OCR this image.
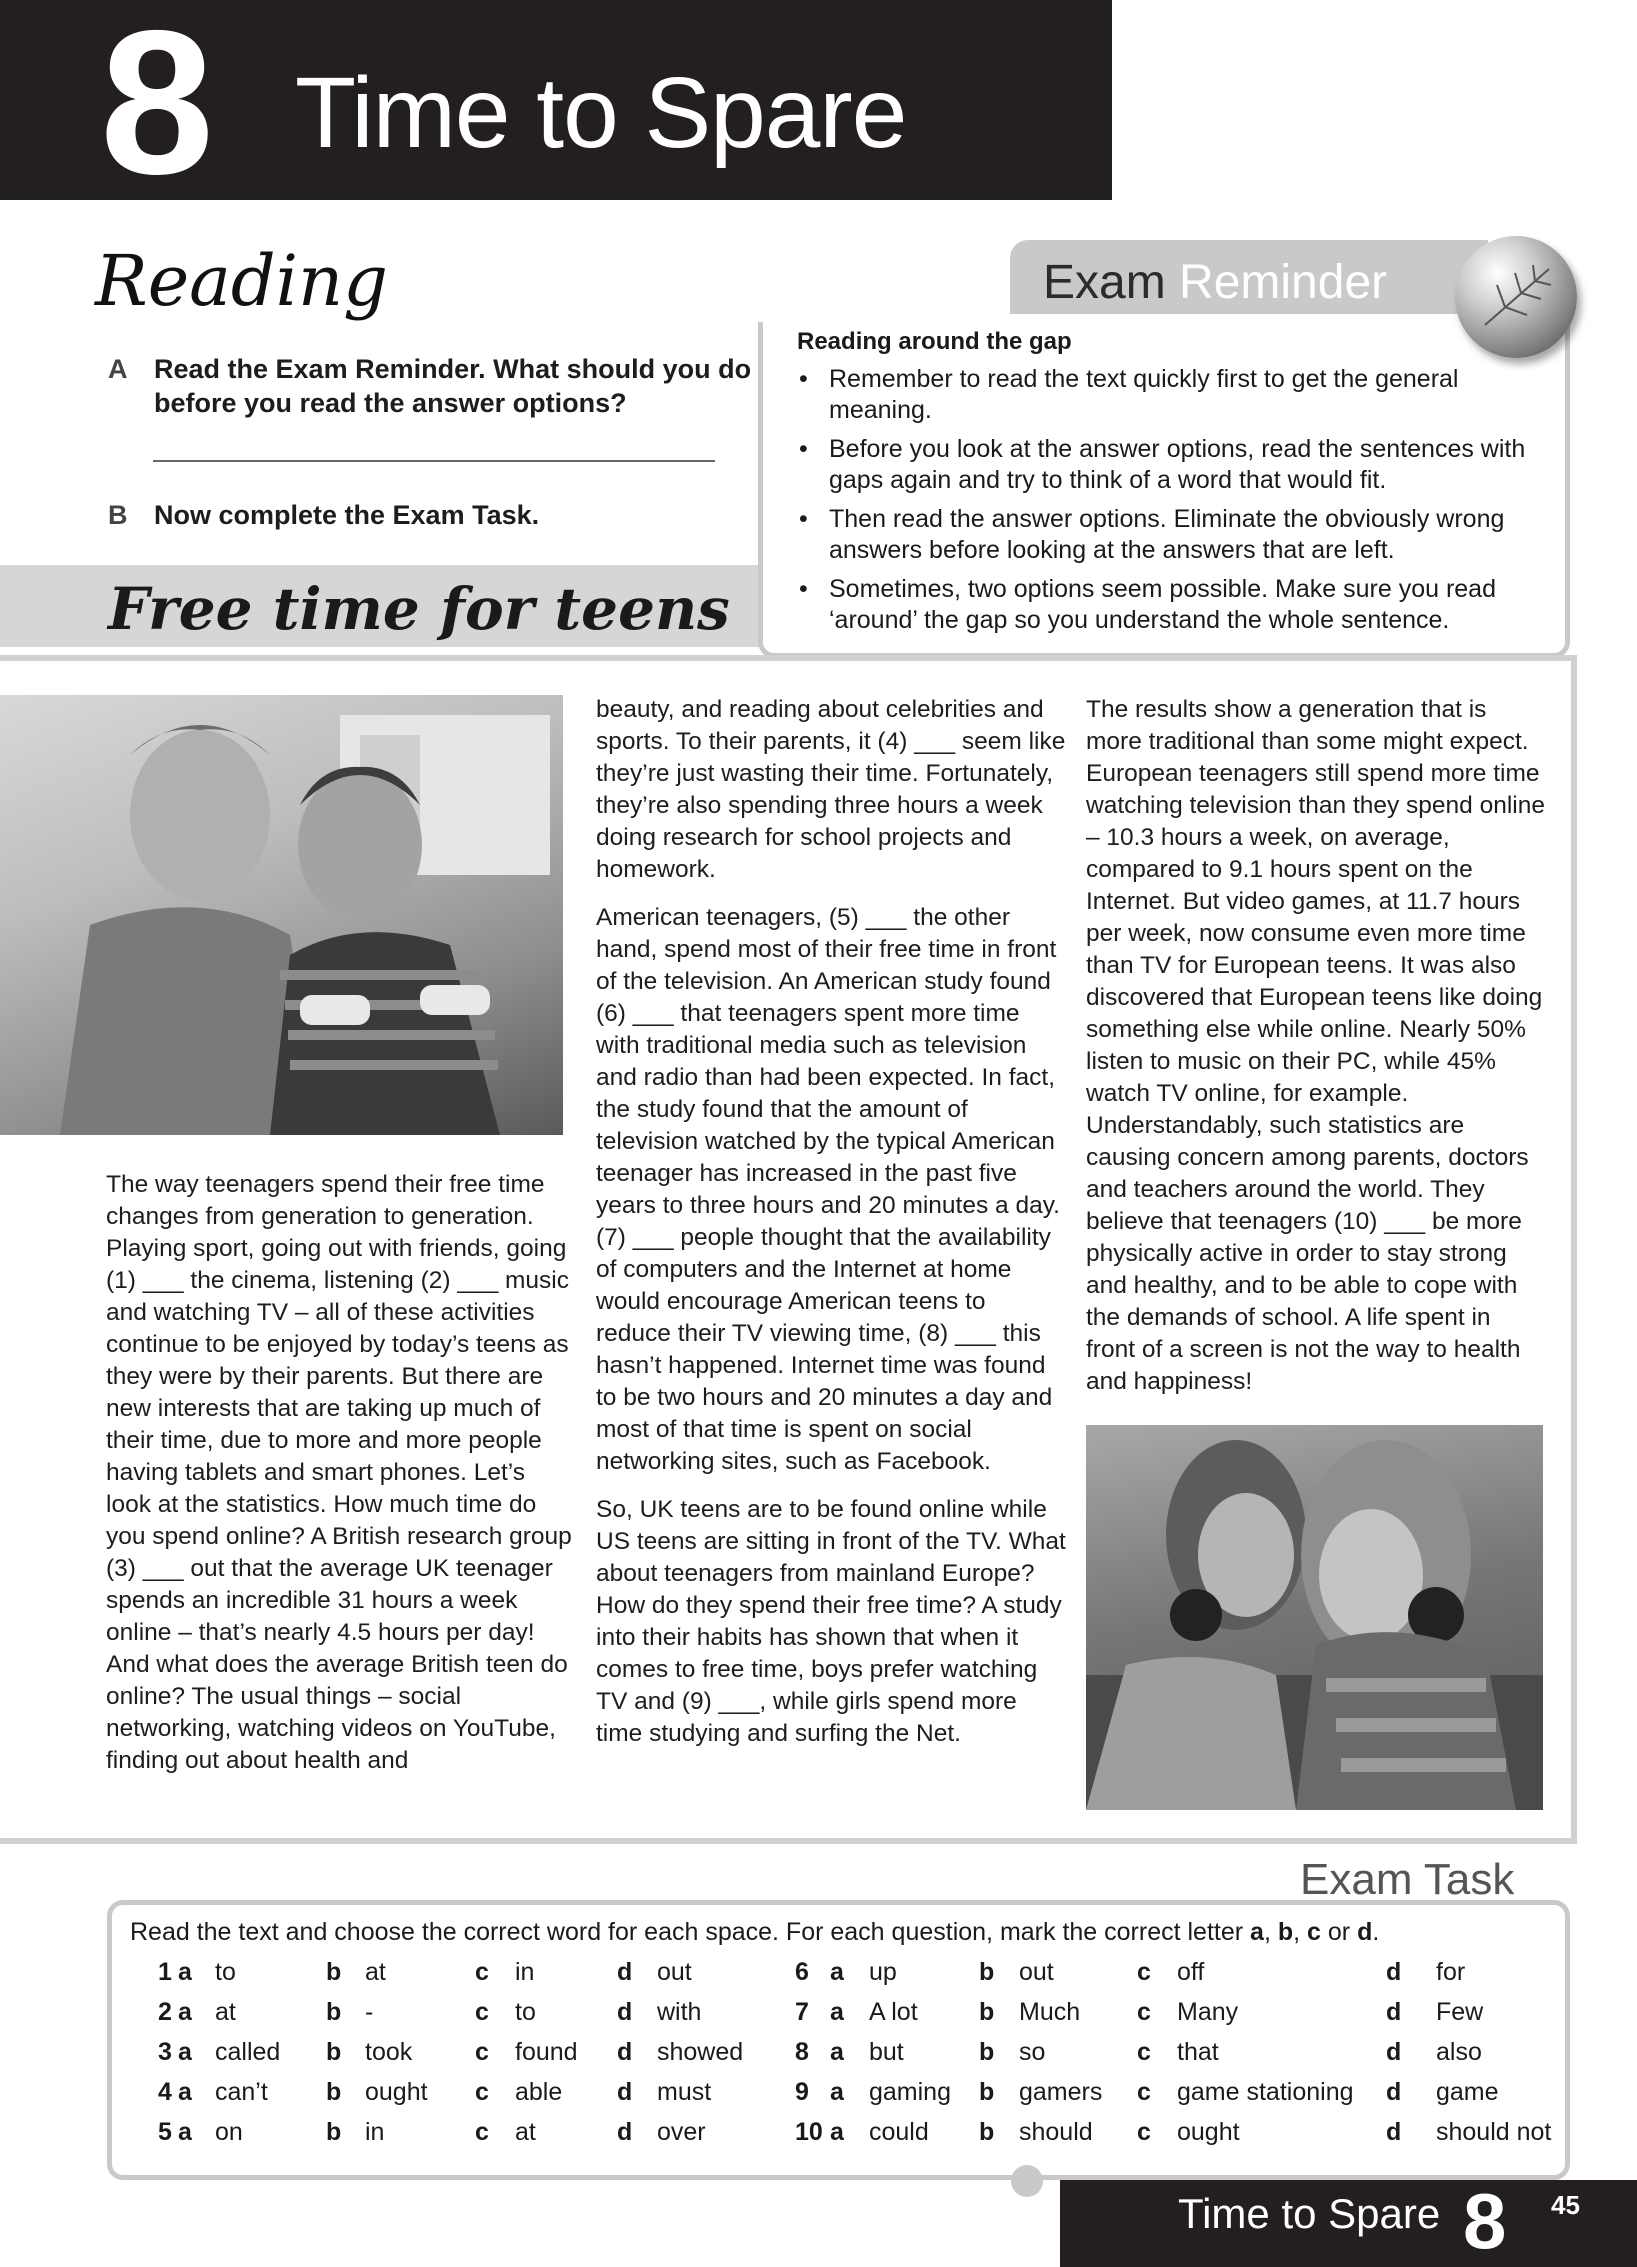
8 Time to Spare
Reading
A Read the Exam Reminder. What should you do before you read the answer options?
B Now complete the Exam Task.
Free time for teens
Exam Reminder
Reading around the gap
• Remember to read the text quickly first to get the general meaning.
• Before you look at the answer options, read the sentences with gaps again and try to think of a word that would fit.
• Then read the answer options. Eliminate the obviously wrong answers before looking at the answers that are left.
• Sometimes, two options seem possible. Make sure you read ‘around’ the gap so you understand the whole sentence.

The way teenagers spend their free time changes from generation to generation. Playing sport, going out with friends, going (1) ___ the cinema, listening (2) ___ music and watching TV – all of these activities continue to be enjoyed by today’s teens as they were by their parents. But there are new interests that are taking up much of their time, due to more and more people having tablets and smart phones. Let’s look at the statistics. How much time do you spend online? A British research group (3) ___ out that the average UK teenager spends an incredible 31 hours a week online – that’s nearly 4.5 hours per day! And what does the average British teen do online? The usual things – social networking, watching videos on YouTube, finding out about health and

beauty, and reading about celebrities and sports. To their parents, it (4) ___ seem like they’re just wasting their time. Fortunately, they’re also spending three hours a week doing research for school projects and homework.

American teenagers, (5) ___ the other hand, spend most of their free time in front of the television. An American study found (6) ___ that teenagers spent more time with traditional media such as television and radio than had been expected. In fact, the study found that the amount of television watched by the typical American teenager has increased in the past five years to three hours and 20 minutes a day. (7) ___ people thought that the availability of computers and the Internet at home would encourage American teens to reduce their TV viewing time, (8) ___ this hasn’t happened. Internet time was found to be two hours and 20 minutes a day and most of that time is spent on social networking sites, such as Facebook.

So, UK teens are to be found online while US teens are sitting in front of the TV. What about teenagers from mainland Europe? How do they spend their free time? A study into their habits has shown that when it comes to free time, boys prefer watching TV and (9) ___, while girls spend more time studying and surfing the Net.

The results show a generation that is more traditional than some might expect. European teenagers still spend more time watching television than they spend online – 10.3 hours a week, on average, compared to 9.1 hours spent on the Internet. But video games, at 11.7 hours per week, now consume even more time than TV for European teens. It was also discovered that European teens like doing something else while online. Nearly 50% listen to music on their PC, while 45% watch TV online, for example. Understandably, such statistics are causing concern among parents, doctors and teachers around the world. They believe that teenagers (10) ___ be more physically active in order to stay strong and healthy, and to be able to cope with the demands of school. A life spent in front of a screen is not the way to health and happiness!

Exam Task
Read the text and choose the correct word for each space. For each question, mark the correct letter a, b, c or d.
1 a to	b at	c in	d out
2 a at	b -	c to	d with
3 a called b took	c found d showed
4 a can’t b ought c able d must
5 a on	b in	c at	d over
6 a up	b out	c off	d for
7 a A lot b Much c Many	d Few
8 a but	b so	c that	d also
9 a gaming b gamers c game stationing d game
10 a could b should c ought	d should not
Time to Spare 8 45
